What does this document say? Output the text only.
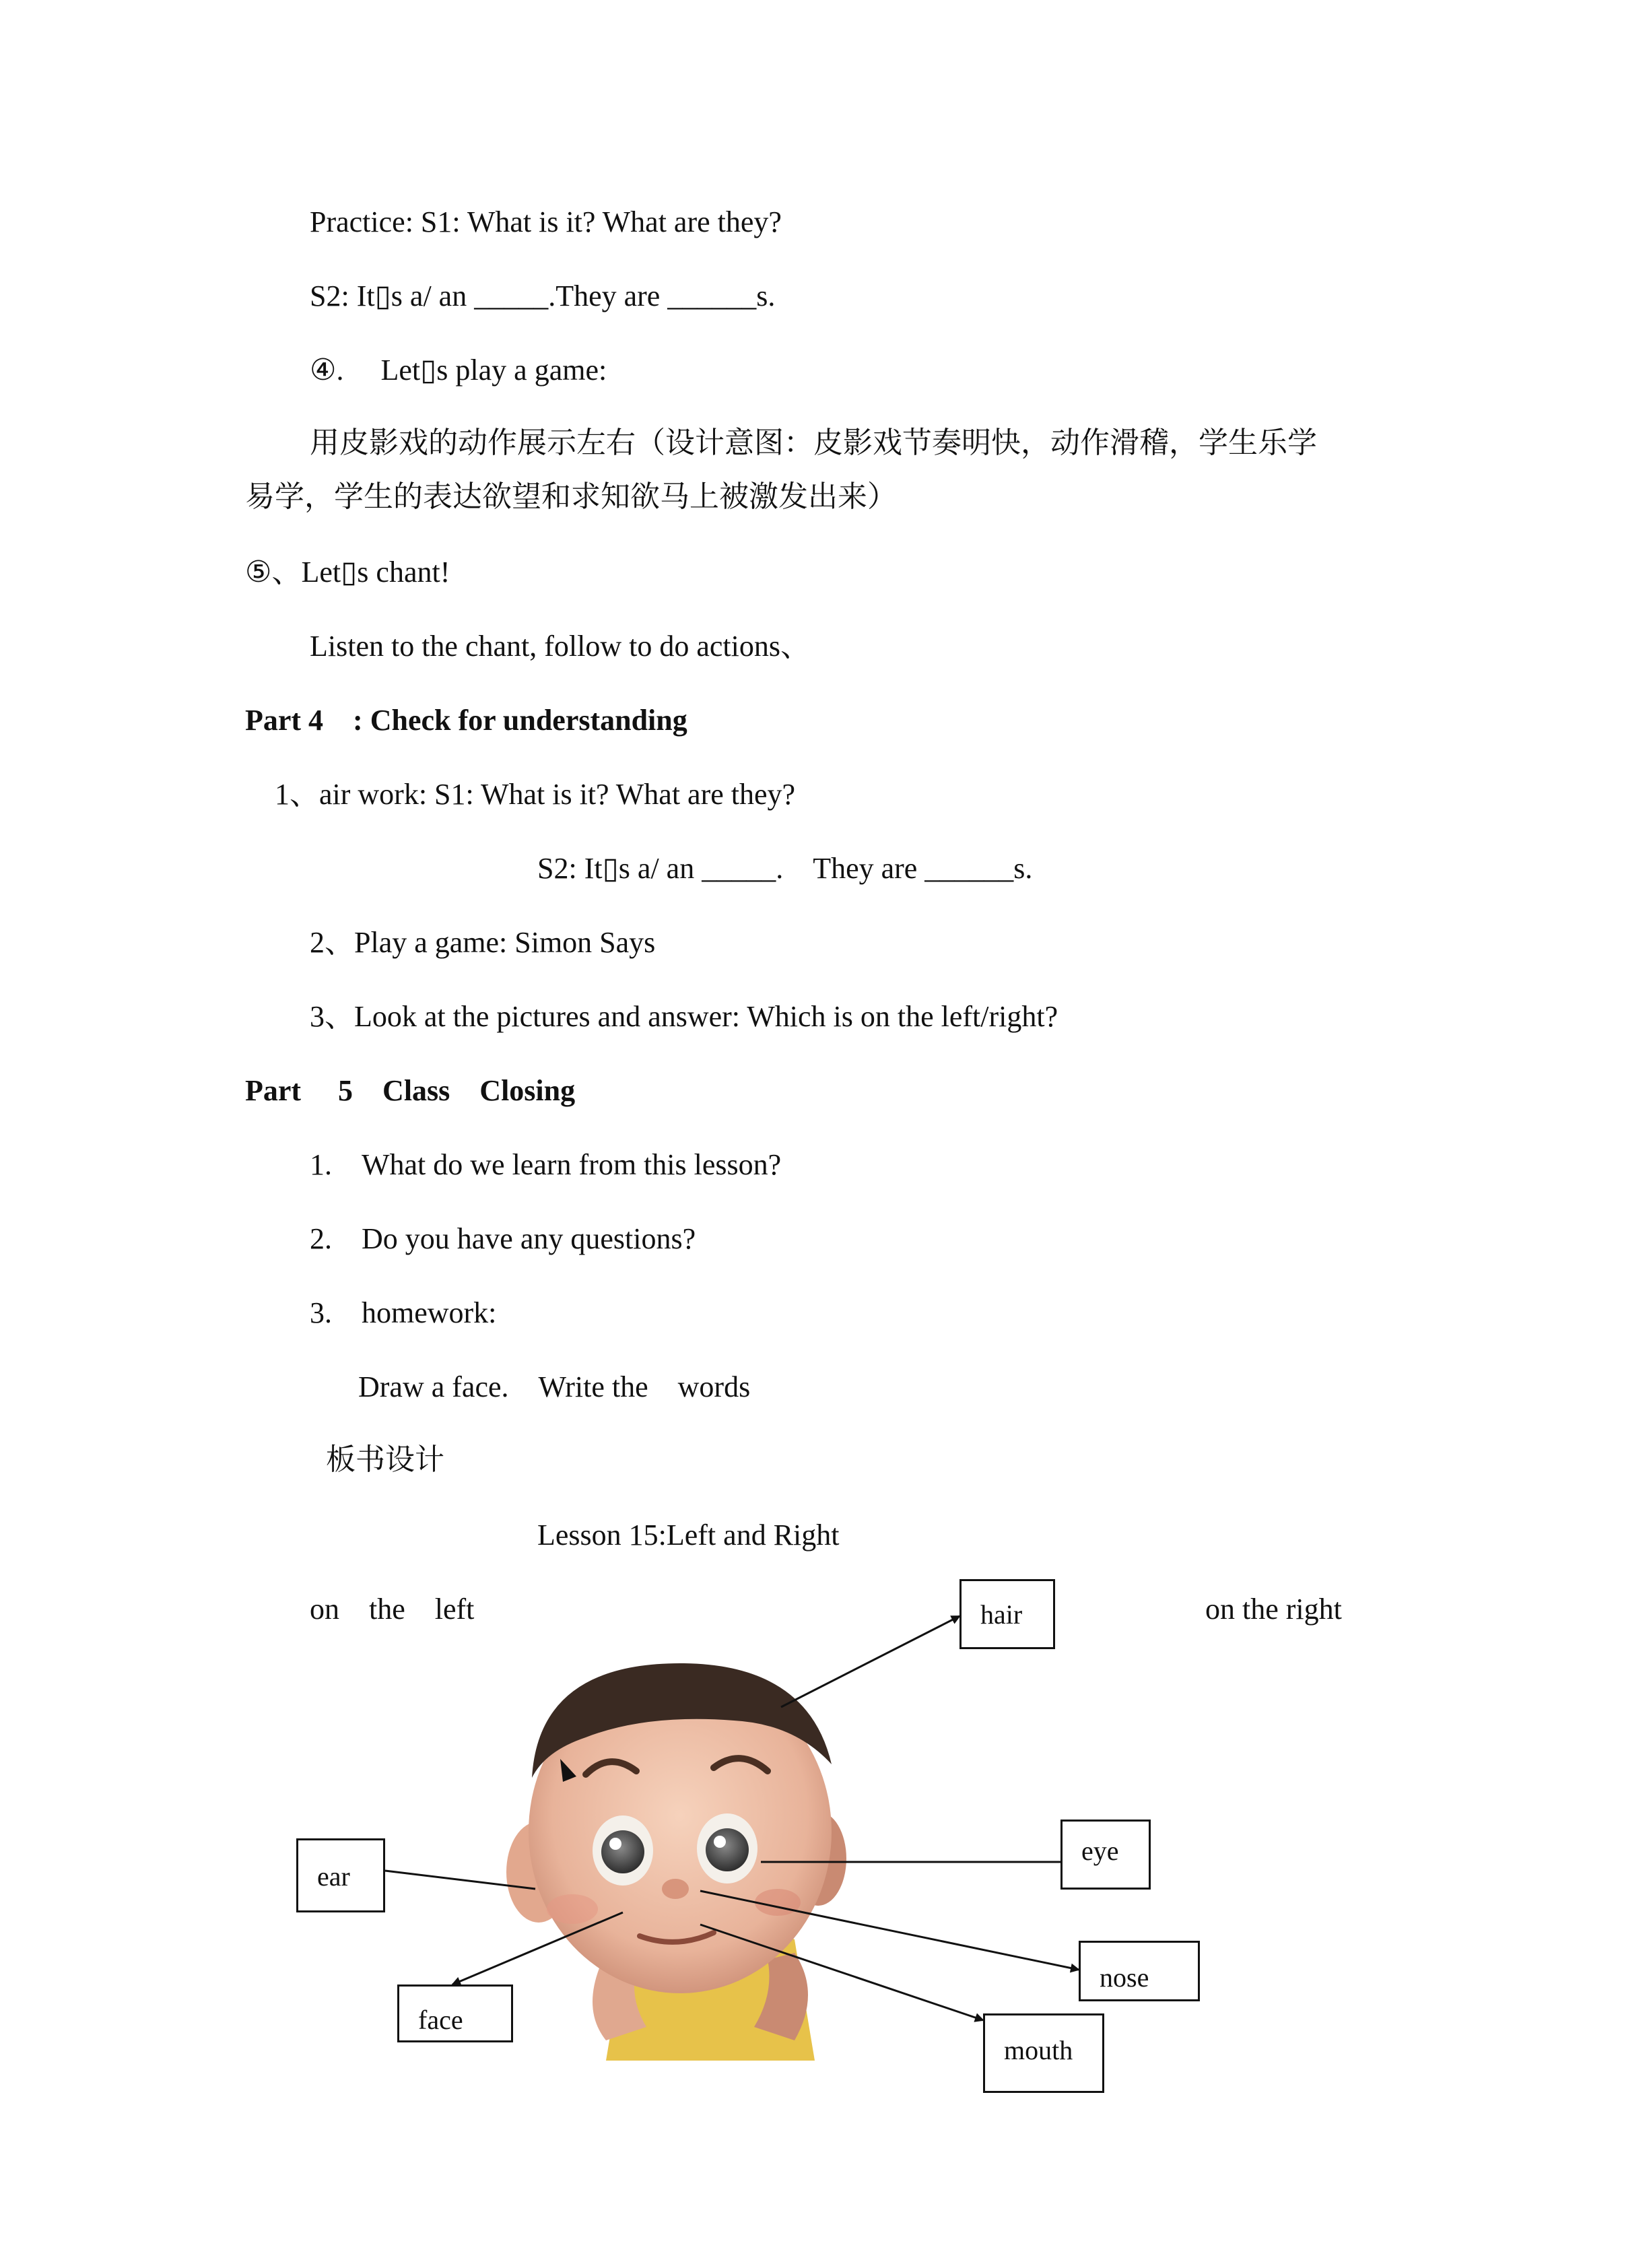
Practice: S1: What is it? What are they?
S2: It▯s a/ an _____.They are ______s.
④.　 Let▯s play a game:
用皮影戏的动作展示左右（设计意图：皮影戏节奏明快，动作滑稽，学生乐学
易学，学生的表达欲望和求知欲马上被激发出来）
⑤、Let▯s chant!
Listen to the chant, follow to do actions、
Part 4　: Check for understanding
1、air work: S1: What is it? What are they?
S2: It▯s a/ an _____.　They are ______s.
2、Play a game: Simon Says
3、Look at the pictures and answer: Which is on the left/right?
Part　 5　Class　Closing
1.　What do we learn from this lesson?
2.　Do you have any questions?
3.　homework:
Draw a face.　Write the　words
板书设计
Lesson 15:Left and Right
on　the　left	on the right
hair
eye
ear
nose
face
mouth
